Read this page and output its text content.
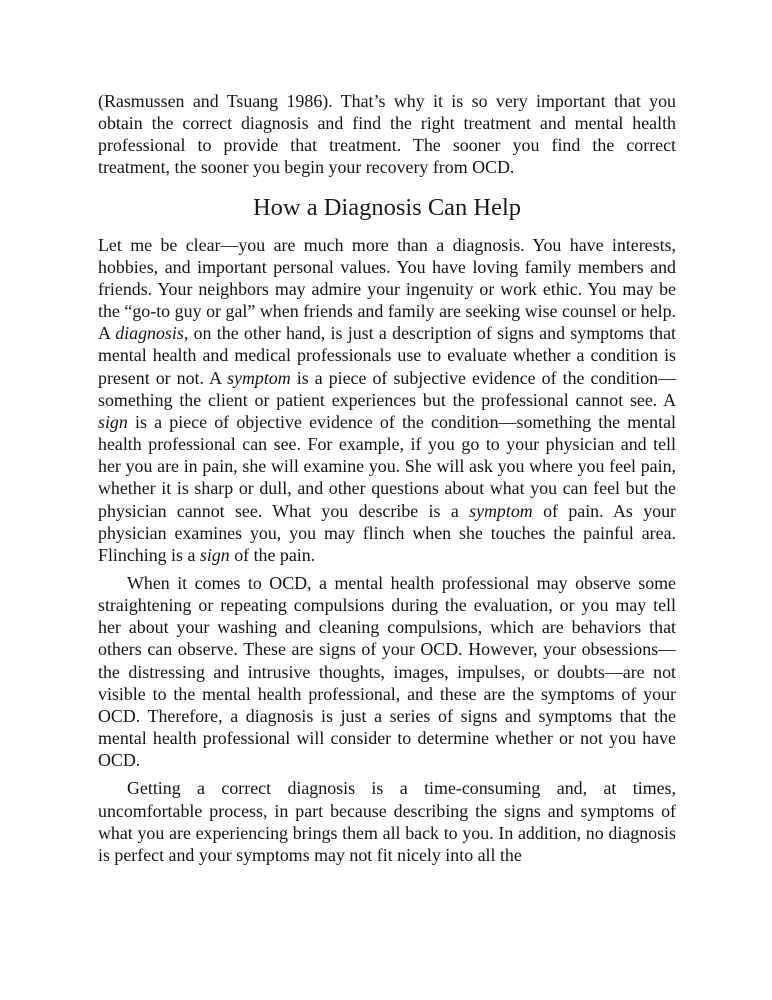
(Rasmussen and Tsuang 1986). That’s why it is so very important that you obtain the correct diagnosis and find the right treatment and mental health professional to provide that treatment. The sooner you find the correct treatment, the sooner you begin your recovery from OCD.

How a Diagnosis Can Help

Let me be clear—you are much more than a diagnosis. You have interests, hobbies, and important personal values. You have loving family members and friends. Your neighbors may admire your ingenuity or work ethic. You may be the “go-to guy or gal” when friends and family are seeking wise counsel or help. A diagnosis, on the other hand, is just a description of signs and symptoms that mental health and medical professionals use to evaluate whether a condition is present or not. A symptom is a piece of subjective evidence of the condition—something the client or patient experiences but the professional cannot see. A sign is a piece of objective evidence of the condition—something the mental health professional can see. For example, if you go to your physician and tell her you are in pain, she will examine you. She will ask you where you feel pain, whether it is sharp or dull, and other questions about what you can feel but the physician cannot see. What you describe is a symptom of pain. As your physician examines you, you may flinch when she touches the painful area. Flinching is a sign of the pain.

When it comes to OCD, a mental health professional may observe some straightening or repeating compulsions during the evaluation, or you may tell her about your washing and cleaning compulsions, which are behaviors that others can observe. These are signs of your OCD. However, your obsessions—the distressing and intrusive thoughts, images, impulses, or doubts—are not visible to the mental health professional, and these are the symptoms of your OCD. Therefore, a diagnosis is just a series of signs and symptoms that the mental health professional will consider to determine whether or not you have OCD.

Getting a correct diagnosis is a time-consuming and, at times, uncomfortable process, in part because describing the signs and symptoms of what you are experiencing brings them all back to you. In addition, no diagnosis is perfect and your symptoms may not fit nicely into all the
